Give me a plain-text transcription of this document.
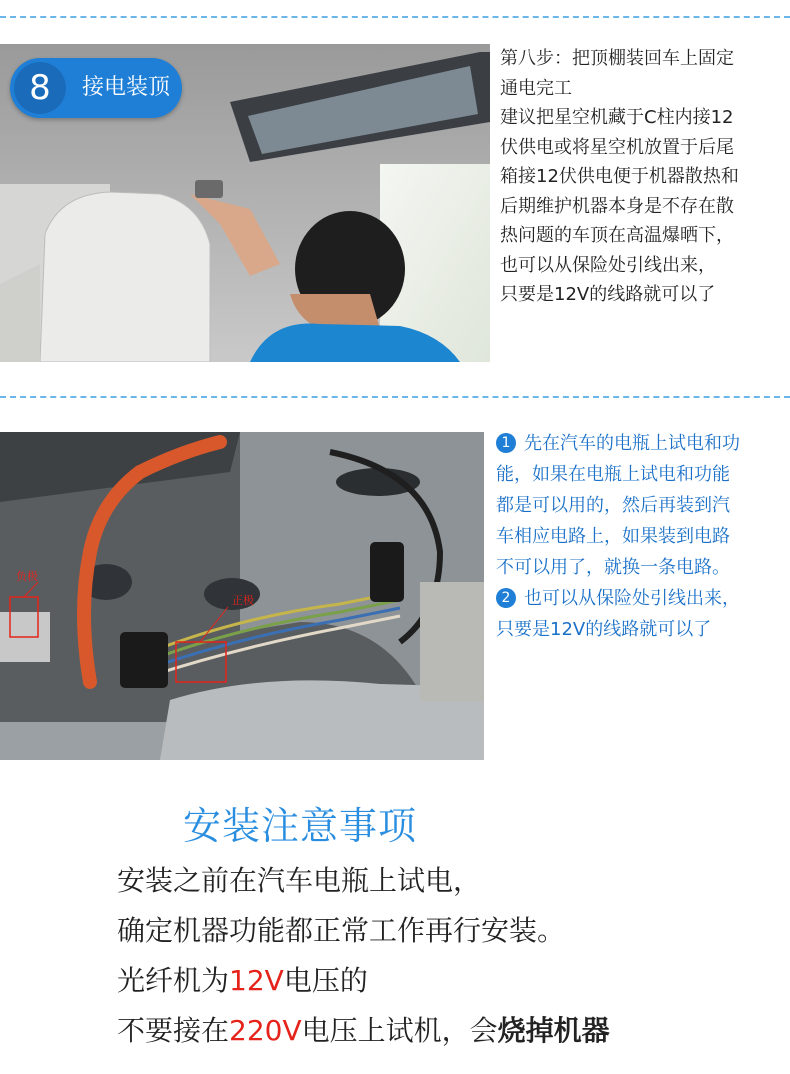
8	接电装顶

第八步：把顶棚装回车上固定

通电完工

建议把星空机藏于C柱内接12

伏供电或将星空机放置于后尾

箱接12伏供电便于机器散热和

后期维护机器本身是不存在散

热问题的车顶在高温爆晒下，

也可以从保险处引线出来，

只要是12V的线路就可以了

负极
正极

1 先在汽车的电瓶上试电和功

能，如果在电瓶上试电和功能

都是可以用的，然后再装到汽

车相应电路上，如果装到电路

不可以用了，就换一条电路。

2 也可以从保险处引线出来，

只要是12V的线路就可以了

安装注意事项
安装之前在汽车电瓶上试电，
确定机器功能都正常工作再行安装。
光纤机为12V电压的
不要接在220V电压上试机，会烧掉机器
